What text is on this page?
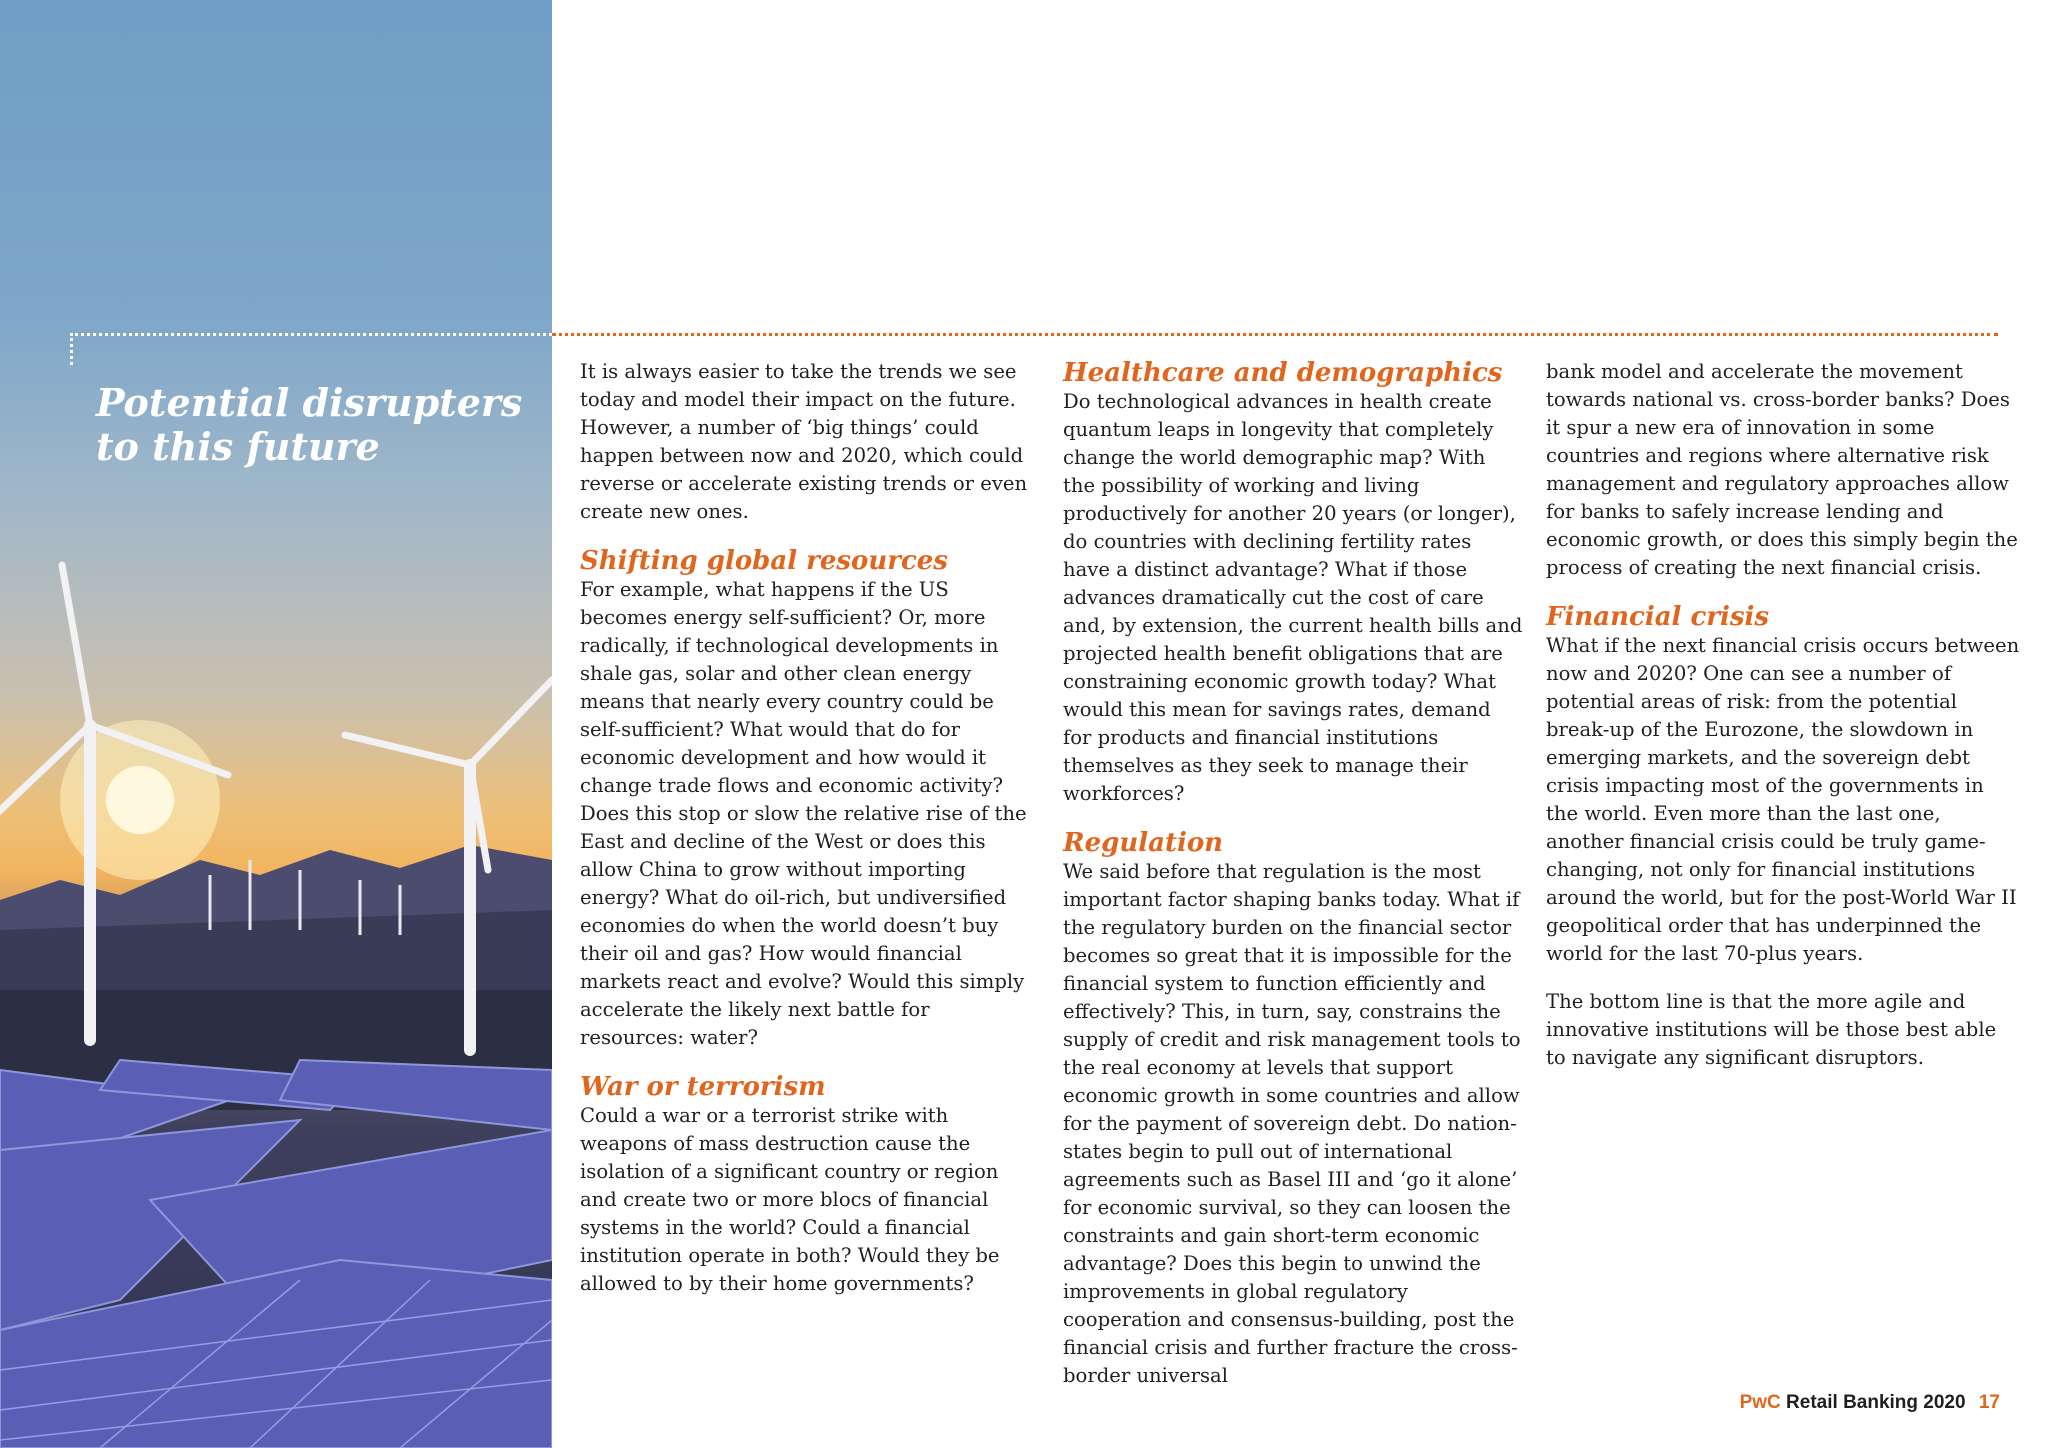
Potential disrupters to this future

It is always easier to take the trends we see today and model their impact on the future. However, a number of ‘big things’ could happen between now and 2020, which could reverse or accelerate existing trends or even create new ones.

Shifting global resources

For example, what happens if the US becomes energy self-sufficient? Or, more radically, if technological developments in shale gas, solar and other clean energy means that nearly every country could be self-sufficient? What would that do for economic development and how would it change trade flows and economic activity? Does this stop or slow the relative rise of the East and decline of the West or does this allow China to grow without importing energy? What do oil-rich, but undiversified economies do when the world doesn’t buy their oil and gas? How would financial markets react and evolve? Would this simply accelerate the likely next battle for resources: water?

War or terrorism

Could a war or a terrorist strike with weapons of mass destruction cause the isolation of a significant country or region and create two or more blocs of financial systems in the world? Could a financial institution operate in both? Would they be allowed to by their home governments?

Healthcare and demographics

Do technological advances in health create quantum leaps in longevity that completely change the world demographic map? With the possibility of working and living productively for another 20 years (or longer), do countries with declining fertility rates have a distinct advantage? What if those advances dramatically cut the cost of care and, by extension, the current health bills and projected health benefit obligations that are constraining economic growth today? What would this mean for savings rates, demand for products and financial institutions themselves as they seek to manage their workforces?

Regulation

We said before that regulation is the most important factor shaping banks today. What if the regulatory burden on the financial sector becomes so great that it is impossible for the financial system to function efficiently and effectively? This, in turn, say, constrains the supply of credit and risk management tools to the real economy at levels that support economic growth in some countries and allow for the payment of sovereign debt. Do nation-states begin to pull out of international agreements such as Basel III and ‘go it alone’ for economic survival, so they can loosen the constraints and gain short-term economic advantage? Does this begin to unwind the improvements in global regulatory cooperation and consensus-building, post the financial crisis and further fracture the cross-border universal

bank model and accelerate the movement towards national vs. cross-border banks? Does it spur a new era of innovation in some countries and regions where alternative risk management and regulatory approaches allow for banks to safely increase lending and economic growth, or does this simply begin the process of creating the next financial crisis.

Financial crisis

What if the next financial crisis occurs between now and 2020? One can see a number of potential areas of risk: from the potential break-up of the Eurozone, the slowdown in emerging markets, and the sovereign debt crisis impacting most of the governments in the world. Even more than the last one, another financial crisis could be truly game-changing, not only for financial institutions around the world, but for the post-World War II geopolitical order that has underpinned the world for the last 70-plus years.

The bottom line is that the more agile and innovative institutions will be those best able to navigate any significant disruptors.

PwC Retail Banking 2020 17
